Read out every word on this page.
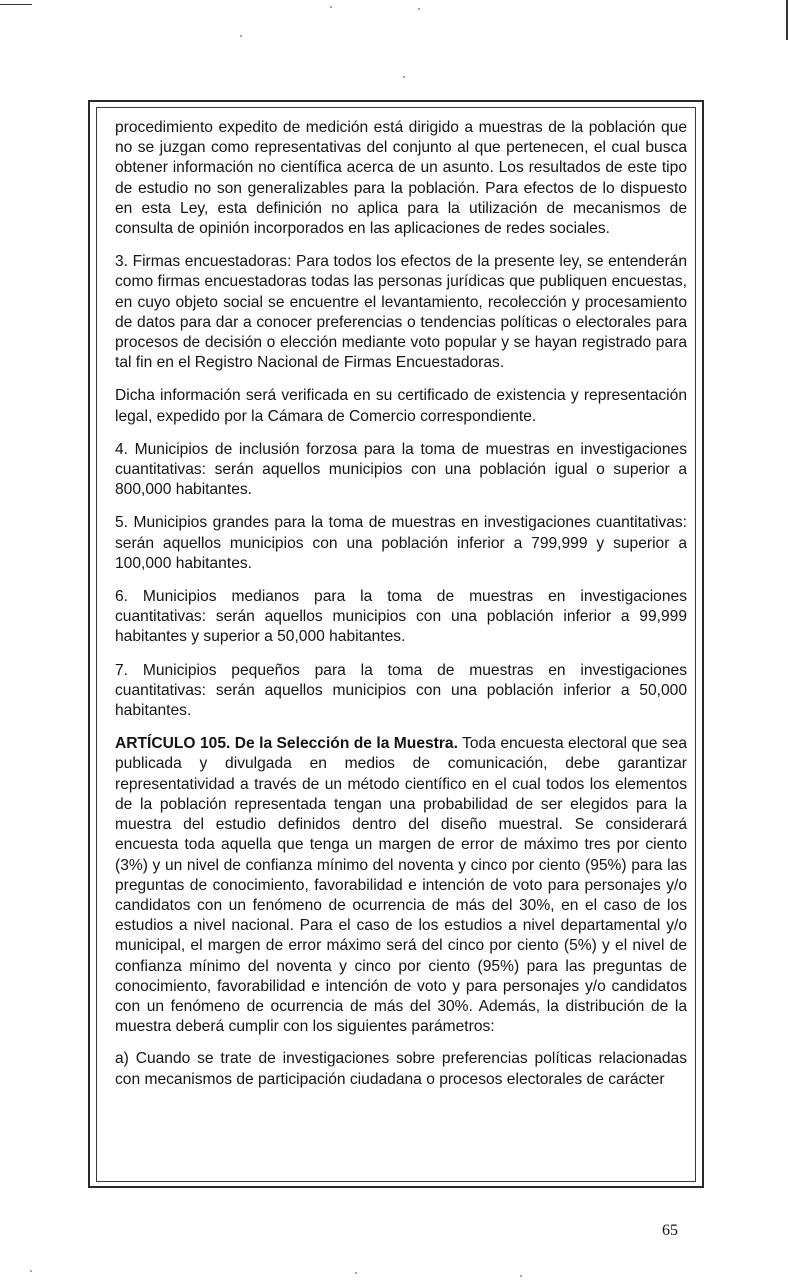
procedimiento expedito de medición está dirigido a muestras de la población que no se juzgan como representativas del conjunto al que pertenecen, el cual busca obtener información no científica acerca de un asunto. Los resultados de este tipo de estudio no son generalizables para la población. Para efectos de lo dispuesto en esta Ley, esta definición no aplica para la utilización de mecanismos de consulta de opinión incorporados en las aplicaciones de redes sociales.

3. Firmas encuestadoras: Para todos los efectos de la presente ley, se entenderán como firmas encuestadoras todas las personas jurídicas que publiquen encuestas, en cuyo objeto social se encuentre el levantamiento, recolección y procesamiento de datos para dar a conocer preferencias o tendencias políticas o electorales para procesos de decisión o elección mediante voto popular y se hayan registrado para tal fin en el Registro Nacional de Firmas Encuestadoras.

Dicha información será verificada en su certificado de existencia y representación legal, expedido por la Cámara de Comercio correspondiente.

4. Municipios de inclusión forzosa para la toma de muestras en investigaciones cuantitativas: serán aquellos municipios con una población igual o superior a 800,000 habitantes.

5. Municipios grandes para la toma de muestras en investigaciones cuantitativas: serán aquellos municipios con una población inferior a 799,999 y superior a 100,000 habitantes.

6. Municipios medianos para la toma de muestras en investigaciones cuantitativas: serán aquellos municipios con una población inferior a 99,999 habitantes y superior a 50,000 habitantes.

7. Municipios pequeños para la toma de muestras en investigaciones cuantitativas: serán aquellos municipios con una población inferior a 50,000 habitantes.

ARTÍCULO 105. De la Selección de la Muestra. Toda encuesta electoral que sea publicada y divulgada en medios de comunicación, debe garantizar representatividad a través de un método científico en el cual todos los elementos de la población representada tengan una probabilidad de ser elegidos para la muestra del estudio definidos dentro del diseño muestral. Se considerará encuesta toda aquella que tenga un margen de error de máximo tres por ciento (3%) y un nivel de confianza mínimo del noventa y cinco por ciento (95%) para las preguntas de conocimiento, favorabilidad e intención de voto para personajes y/o candidatos con un fenómeno de ocurrencia de más del 30%, en el caso de los estudios a nivel nacional. Para el caso de los estudios a nivel departamental y/o municipal, el margen de error máximo será del cinco por ciento (5%) y el nivel de confianza mínimo del noventa y cinco por ciento (95%) para las preguntas de conocimiento, favorabilidad e intención de voto y para personajes y/o candidatos con un fenómeno de ocurrencia de más del 30%. Además, la distribución de la muestra deberá cumplir con los siguientes parámetros:

a) Cuando se trate de investigaciones sobre preferencias políticas relacionadas con mecanismos de participación ciudadana o procesos electorales de carácter

65
